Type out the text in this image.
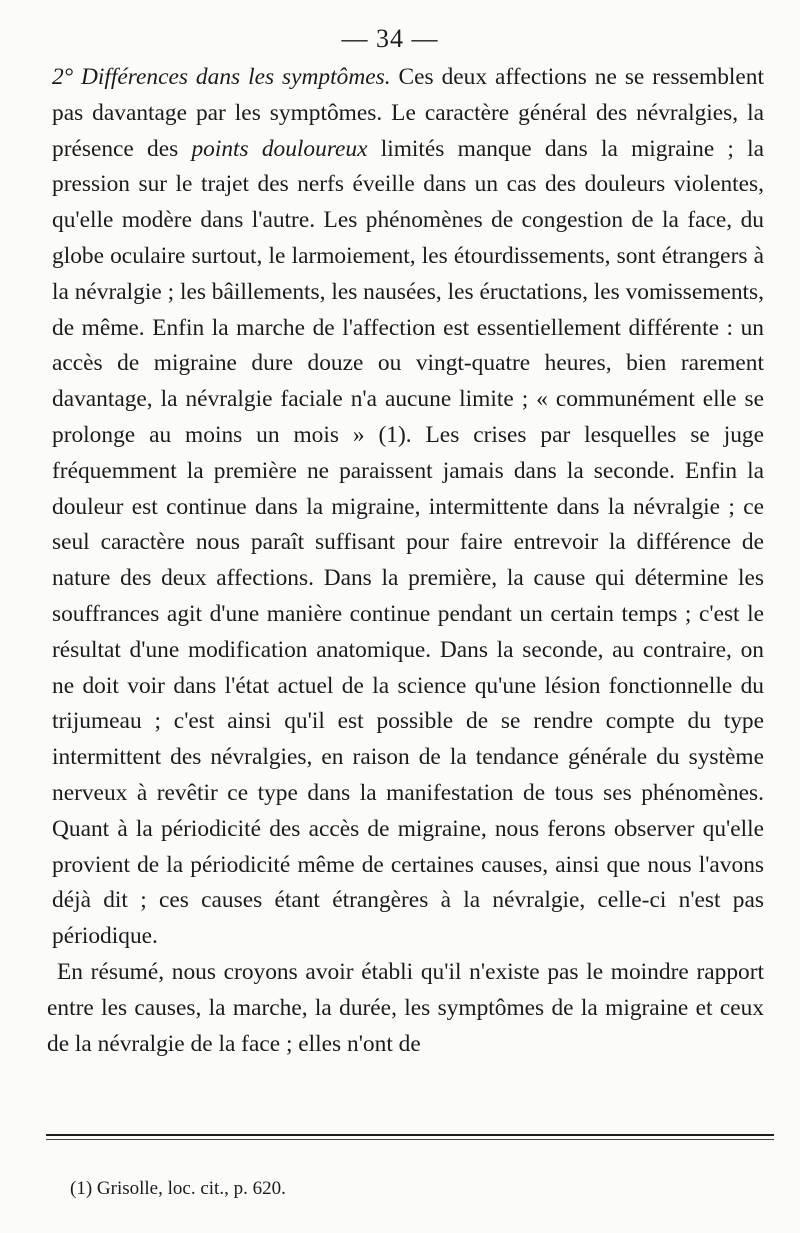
— 34 —

2° Différences dans les symptômes. Ces deux affections ne se ressemblent pas davantage par les symptômes. Le caractère général des névralgies, la présence des points douloureux limités manque dans la migraine ; la pression sur le trajet des nerfs éveille dans un cas des douleurs violentes, qu'elle modère dans l'autre. Les phénomènes de congestion de la face, du globe oculaire surtout, le larmoiement, les étourdissements, sont étrangers à la névralgie ; les bâillements, les nausées, les éructations, les vomissements, de même. Enfin la marche de l'affection est essentiellement différente : un accès de migraine dure douze ou vingt-quatre heures, bien rarement davantage, la névralgie faciale n'a aucune limite ; « communément elle se prolonge au moins un mois » (1). Les crises par lesquelles se juge fréquemment la première ne paraissent jamais dans la seconde. Enfin la douleur est continue dans la migraine, intermittente dans la névralgie ; ce seul caractère nous paraît suffisant pour faire entrevoir la différence de nature des deux affections. Dans la première, la cause qui détermine les souffrances agit d'une manière continue pendant un certain temps ; c'est le résultat d'une modification anatomique. Dans la seconde, au contraire, on ne doit voir dans l'état actuel de la science qu'une lésion fonctionnelle du trijumeau ; c'est ainsi qu'il est possible de se rendre compte du type intermittent des névralgies, en raison de la tendance générale du système nerveux à revêtir ce type dans la manifestation de tous ses phénomènes. Quant à la périodicité des accès de migraine, nous ferons observer qu'elle provient de la périodicité même de certaines causes, ainsi que nous l'avons déjà dit ; ces causes étant étrangères à la névralgie, celle-ci n'est pas périodique.

En résumé, nous croyons avoir établi qu'il n'existe pas le moindre rapport entre les causes, la marche, la durée, les symptômes de la migraine et ceux de la névralgie de la face ; elles n'ont de

(1) Grisolle, loc. cit., p. 620.
